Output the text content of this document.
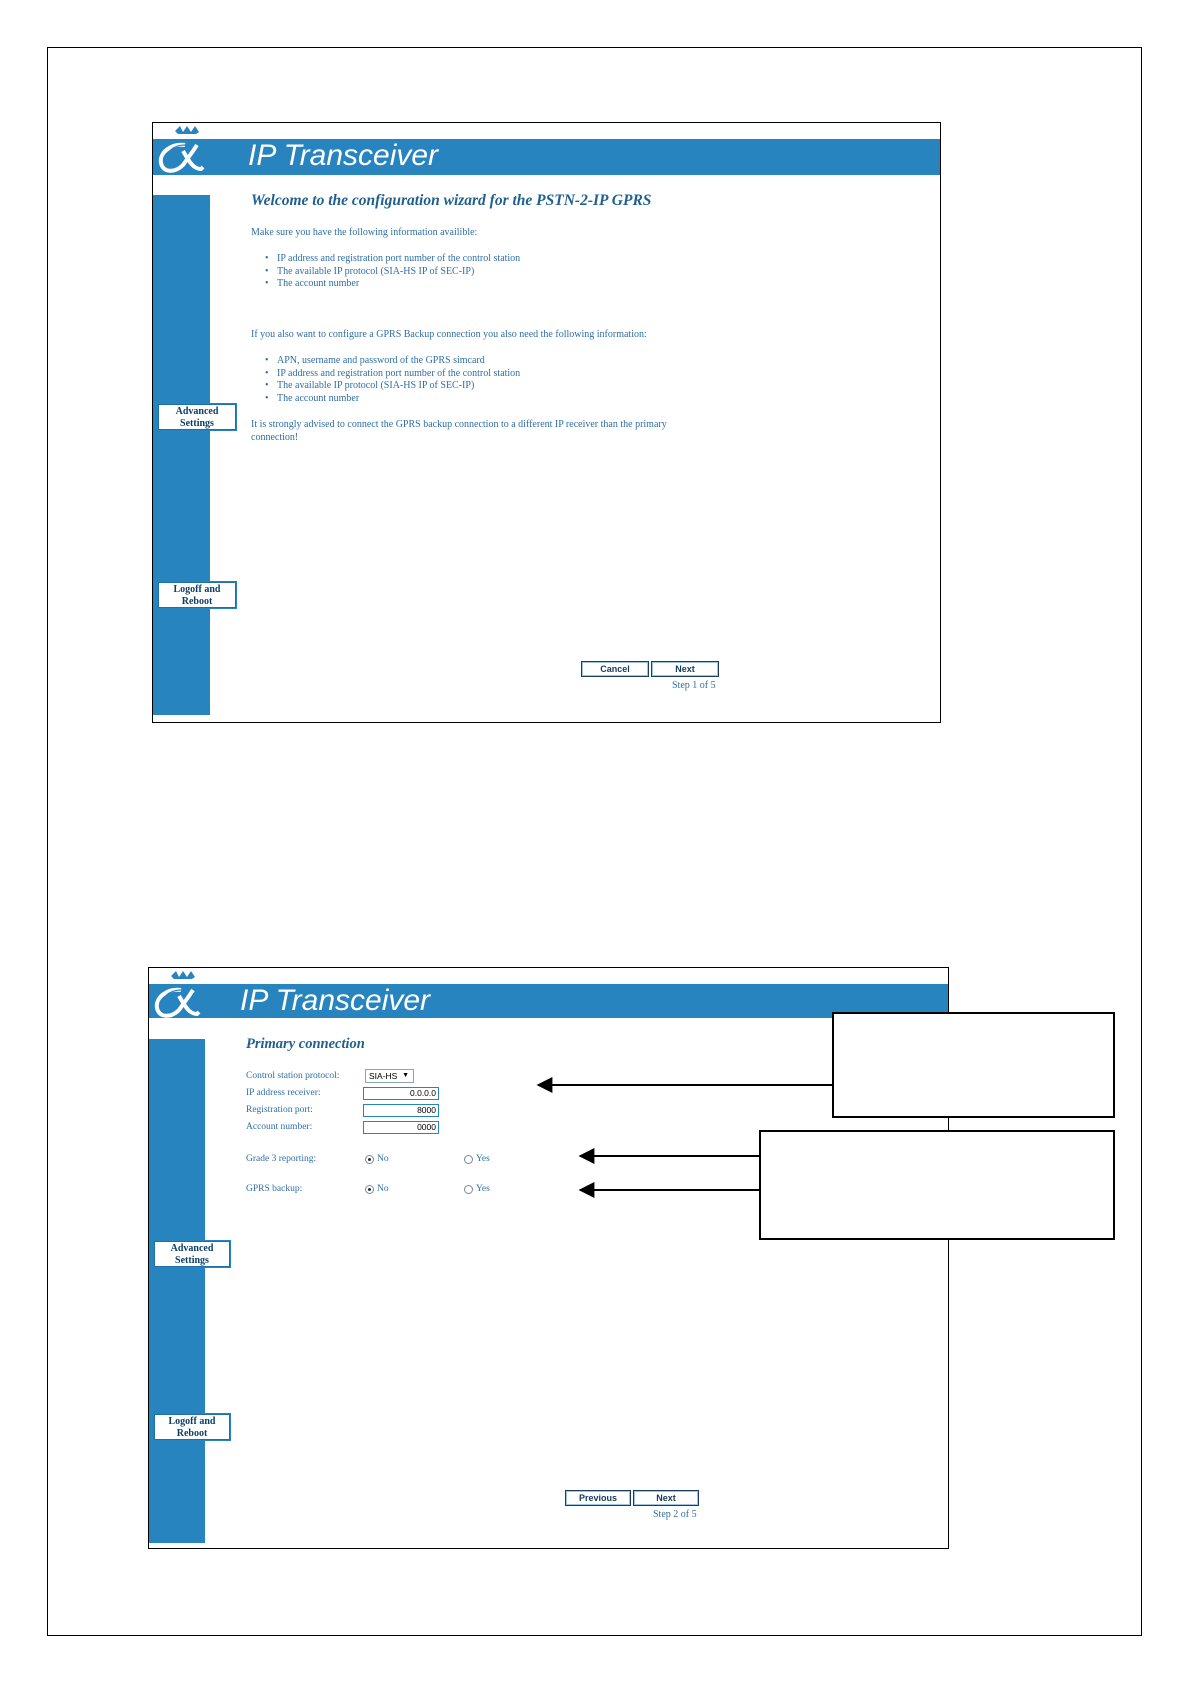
IP Transceiver
Advanced Settings
Logoff and Reboot
Welcome to the configuration wizard for the PSTN-2-IP GPRS
Make sure you have the following information availible:
• IP address and registration port number of the control station
• The available IP protocol (SIA-HS IP of SEC-IP)
• The account number
If you also want to configure a GPRS Backup connection you also need the following information:
• APN, username and password of the GPRS simcard
• IP address and registration port number of the control station
• The available IP protocol (SIA-HS IP of SEC-IP)
• The account number
It is strongly advised to connect the GPRS backup connection to a different IP receiver than the primary connection!
Cancel	Next
Step 1 of 5
IP Transceiver
Advanced Settings
Logoff and Reboot
Primary connection
Control station protocol:	SIA-HS ▼
IP address receiver:	0.0.0.0
Registration port:	8000
Account number:	0000
Grade 3 reporting:	No	Yes
GPRS backup:	No	Yes
Previous	Next
Step 2 of 5
